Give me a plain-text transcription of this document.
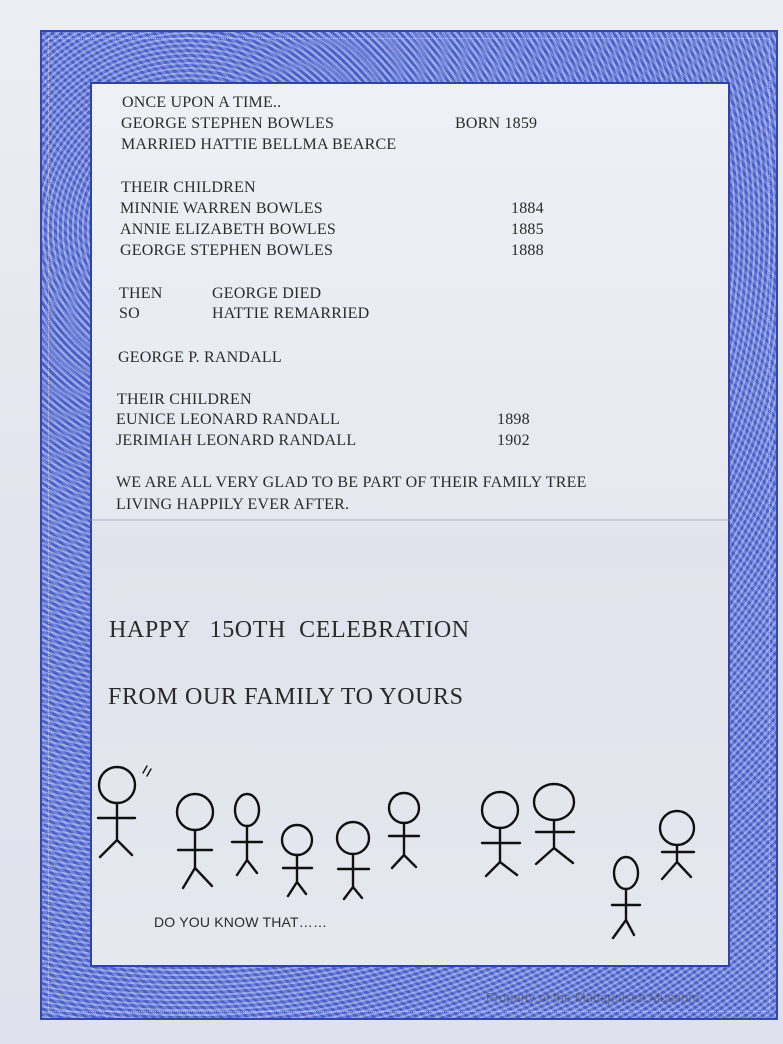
ONCE UPON A TIME..
GEORGE STEPHEN BOWLES	BORN 1859
MARRIED HATTIE BELLMA BEARCE
THEIR CHILDREN
MINNIE WARREN BOWLES	1884
ANNIE ELIZABETH BOWLES	1885
GEORGE STEPHEN BOWLES	1888
THEN	GEORGE DIED
SO	HATTIE REMARRIED
GEORGE P. RANDALL
THEIR CHILDREN
EUNICE LEONARD RANDALL	1898
JERIMIAH LEONARD RANDALL	1902
WE ARE ALL VERY GLAD TO BE PART OF THEIR FAMILY TREE
LIVING HAPPILY EVER AFTER.
HAPPY   15OTH  CELEBRATION
FROM OUR FAMILY TO YOURS
DO YOU KNOW THAT……
Property of the Mattapoisett Museum
